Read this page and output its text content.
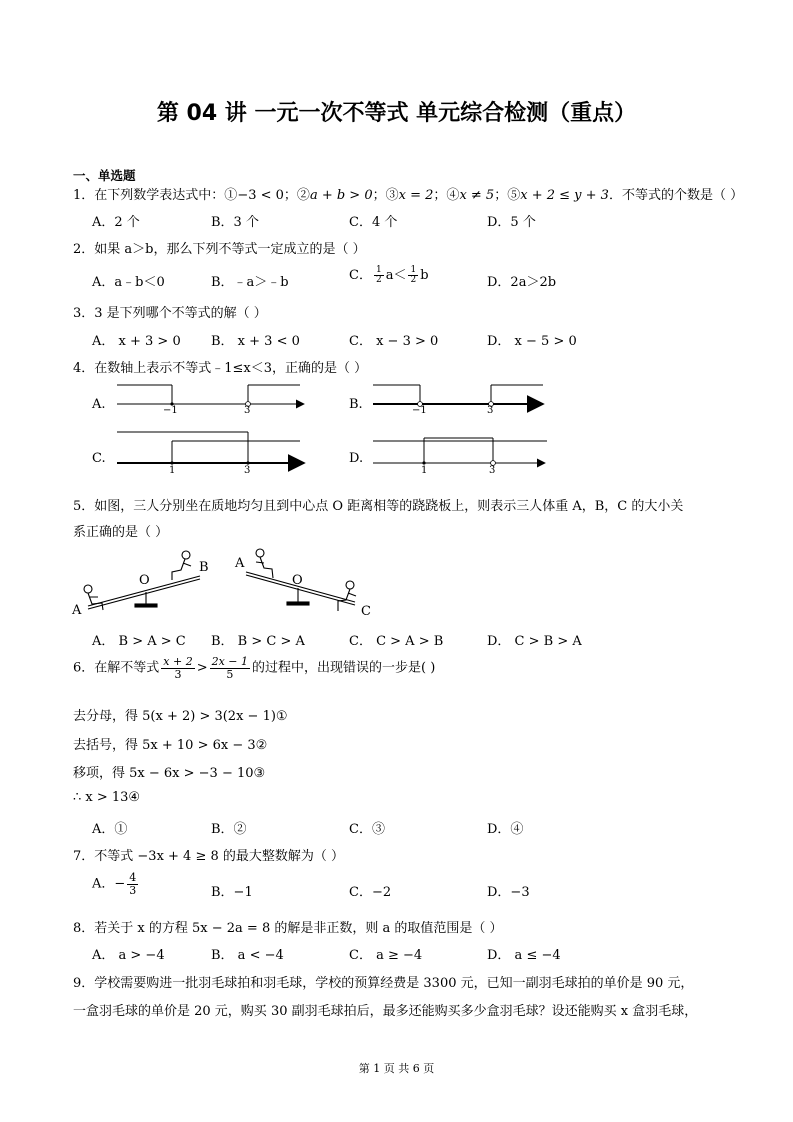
第 04 讲 一元一次不等式 单元综合检测（重点）
一、单选题
1．在下列数学表达式中：①−3 < 0；②a + b > 0；③x = 2；④x ≠ 5；⑤x + 2 ≤ y + 3．不等式的个数是（ ）
A．2 个	B．3 个	C．4 个	D．5 个
2．如果 a＞b，那么下列不等式一定成立的是（ ）
A．a﹣b＜0	B．﹣a＞﹣b	C． $\frac{1}{2} a< \frac{1}{2}$ b	D．2a＞2b
3．3 是下列哪个不等式的解（ ）
A． x + 3 > 0 B． x + 3 < 0	C． x − 3 > 0	D． x − 5 > 0
4．在数轴上表示不等式﹣1≤x＜3，正确的是（ ）
A.	B.
C.	D.
−1	3	−1	3
1	3	1	3
5．如图，三人分别坐在质地均匀且到中心点 O 距离相等的跷跷板上，则表示三人体重 A，B，C 的大小关
系正确的是（ ）
A
O
B A
O
C
A． B > A > C B． B > C > A	C． C > A > B	D． C > B > A
6．在解不等式 $\frac{x + 2}{3} > \frac{2x - 1}{5}$ 的过程中，出现错误的一步是( )
去分母，得 5(x + 2) > 3(2x − 1)①
去括号，得 5x + 10 > 6x − 3②
移项，得 5x − 6x > −3 − 10③
∴ x > 13④
A．①	B．②	C．③	D．④
7．不等式 −3x + 4 ≥ 8 的最大整数解为（ ）
A．− $\frac{4}{3}$	B．−1	C．−2	D．−3
8．若关于 x 的方程 5x − 2a = 8 的解是非正数，则 a 的取值范围是（ ）
A． a > −4	B． a < −4	C． a ≥ −4	D． a ≤ −4
9．学校需要购进一批羽毛球拍和羽毛球，学校的预算经费是 3300 元，已知一副羽毛球拍的单价是 90 元，
一盒羽毛球的单价是 20 元，购买 30 副羽毛球拍后，最多还能购买多少盒羽毛球？设还能购买 x 盒羽毛球，
第 1 页 共 6 页
